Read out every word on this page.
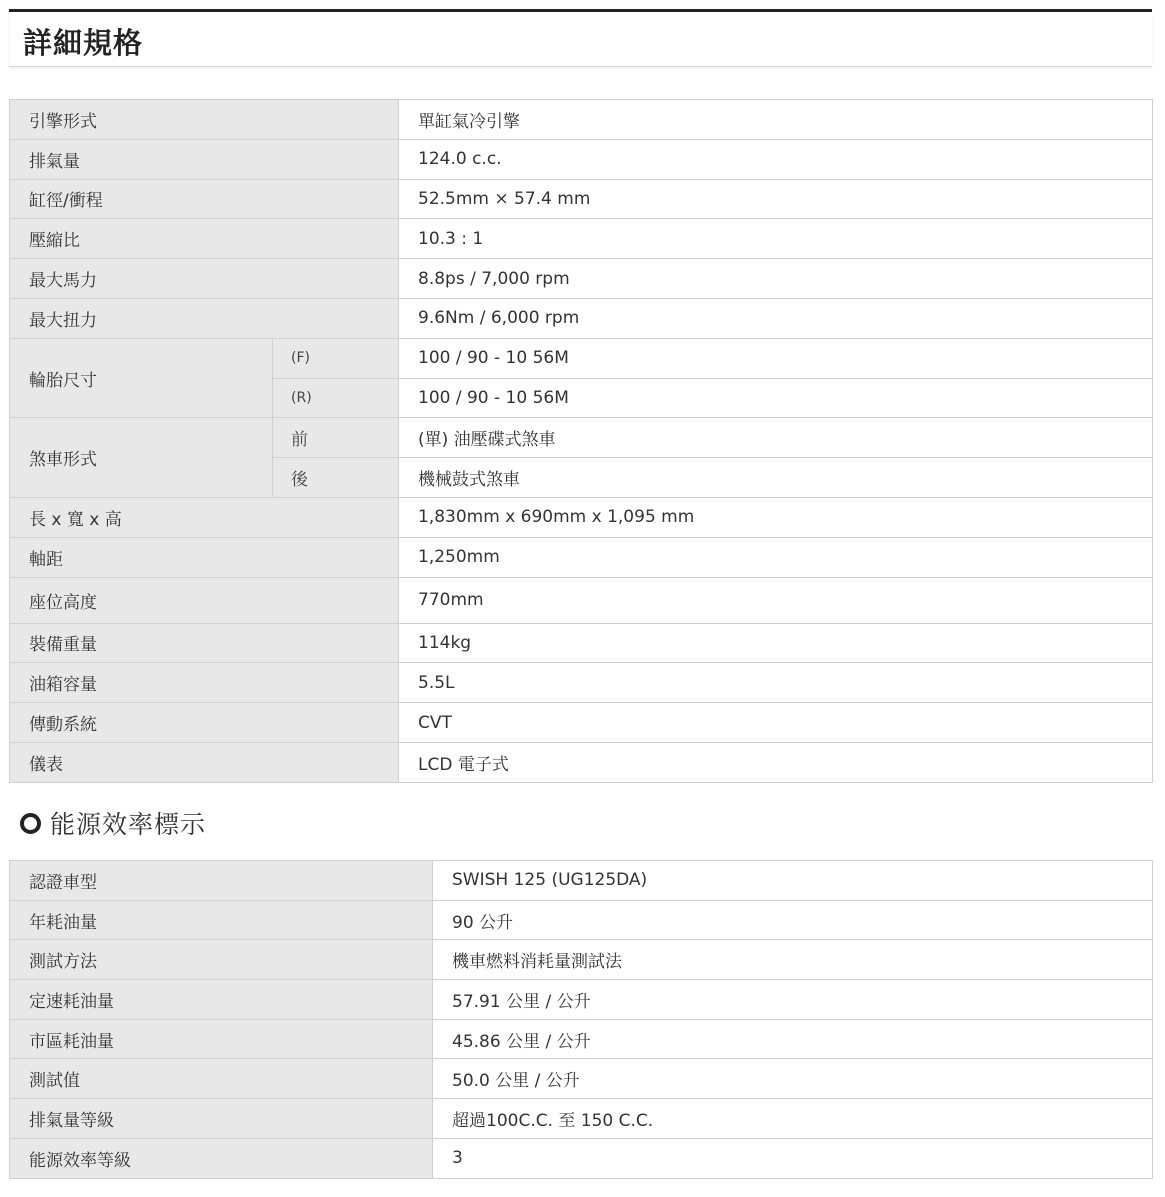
詳細規格
引擎形式		單缸氣冷引擎
排氣量		124.0 c.c.
缸徑/衝程		52.5mm × 57.4 mm
壓縮比		10.3 : 1
最大馬力		8.8ps / 7,000 rpm
最大扭力		9.6Nm / 6,000 rpm
輪胎尺寸	(F)	100 / 90 - 10 56M
	(R)	100 / 90 - 10 56M
煞車形式	前	(單) 油壓碟式煞車
	後	機械鼓式煞車
長 x 寬 x 高		1,830mm x 690mm x 1,095 mm
軸距		1,250mm
座位高度		770mm
裝備重量		114kg
油箱容量		5.5L
傳動系統		CVT
儀表		LCD 電子式
能源效率標示
認證車型	SWISH 125 (UG125DA)
年耗油量	90 公升
測試方法	機車燃料消耗量測試法
定速耗油量	57.91 公里 / 公升
市區耗油量	45.86 公里 / 公升
測試值	50.0 公里 / 公升
排氣量等級	超過100C.C. 至 150 C.C.
能源效率等級	3
